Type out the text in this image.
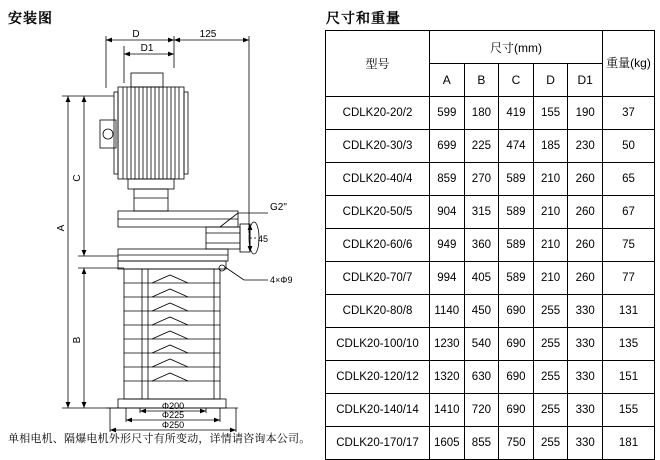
安装图
D	125
D1
A
C
B
G2"
45
4×Φ9
Φ200
Φ225
Φ250
单相电机、隔爆电机外形尺寸有所变动，详情请咨询本公司。
尺寸和重量
型号	尺寸(mm)					重量(kg)
	A	B	C	D	D1	
CDLK20-20/2	599	180	419	155	190	37
CDLK20-30/3	699	225	474	185	230	50
CDLK20-40/4	859	270	589	210	260	65
CDLK20-50/5	904	315	589	210	260	67
CDLK20-60/6	949	360	589	210	260	75
CDLK20-70/7	994	405	589	210	260	77
CDLK20-80/8	1140	450	690	255	330	131
CDLK20-100/10	1230	540	690	255	330	135
CDLK20-120/12	1320	630	690	255	330	151
CDLK20-140/14	1410	720	690	255	330	155
CDLK20-170/17	1605	855	750	255	330	181
